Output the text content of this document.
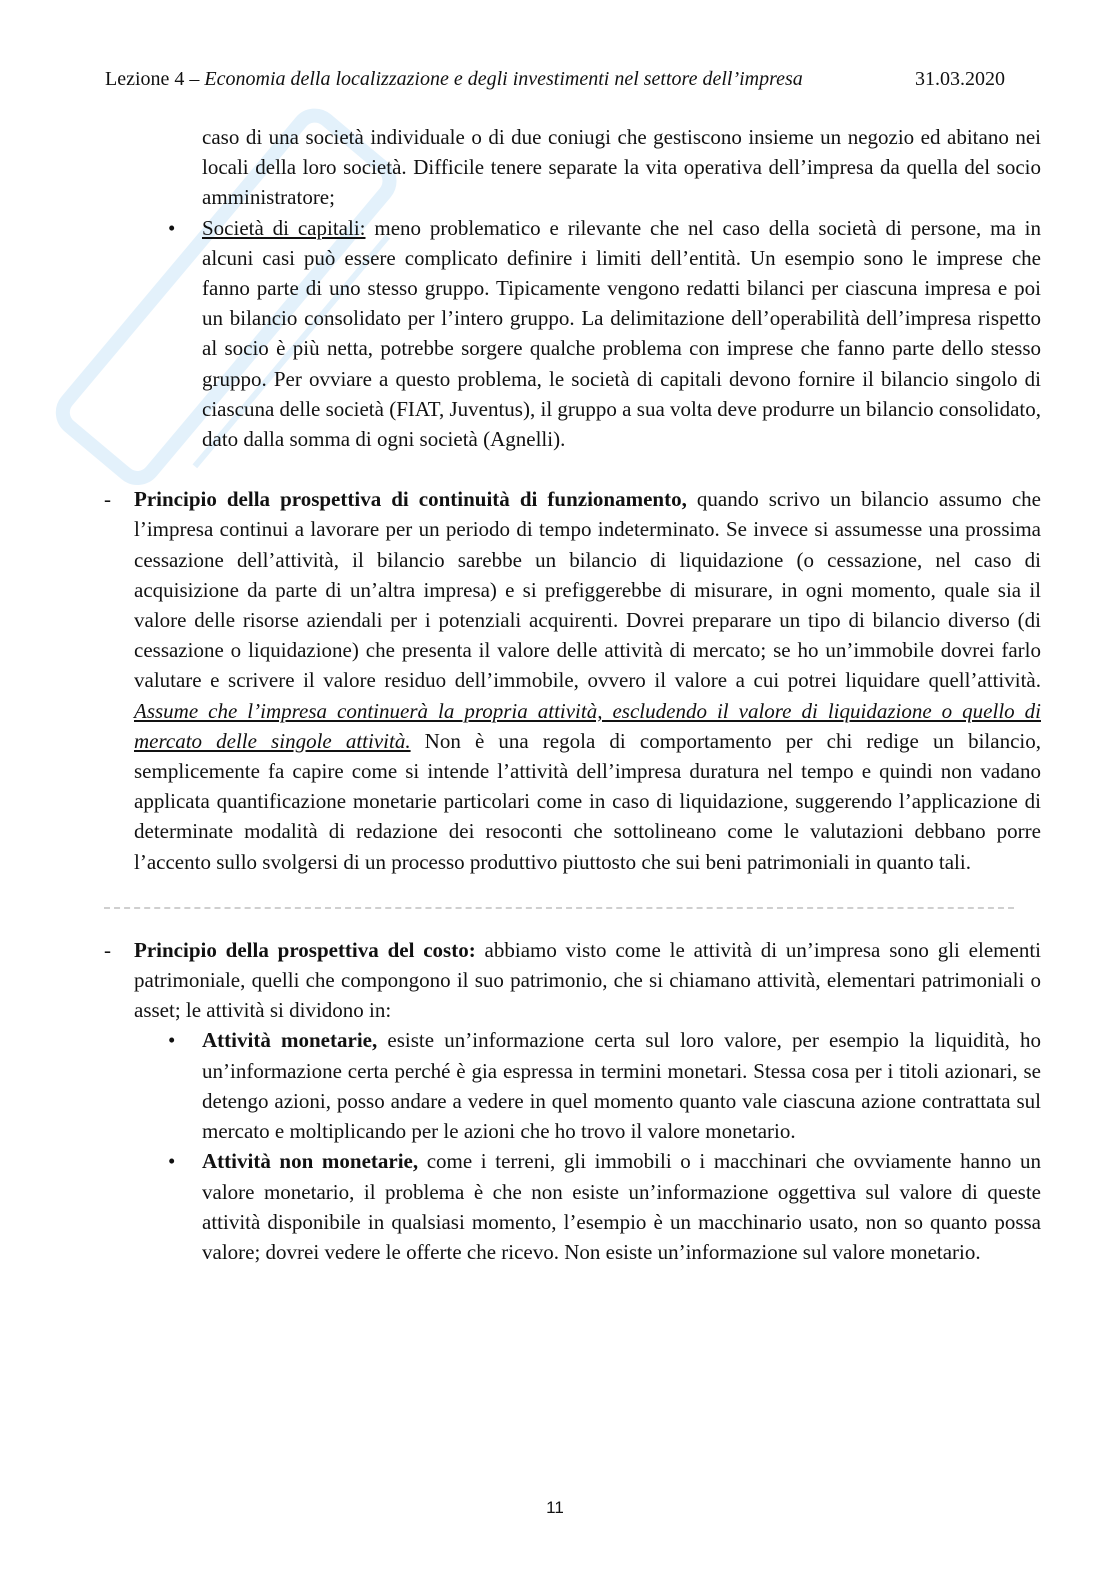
Lezione 4 – Economia della localizzazione e degli investimenti nel settore dell’impresa	31.03.2020
caso di una società individuale o di due coniugi che gestiscono insieme un negozio ed abitano nei locali della loro società. Difficile tenere separate la vita operativa dell’impresa da quella del socio amministratore;
• Società di capitali: meno problematico e rilevante che nel caso della società di persone, ma in alcuni casi può essere complicato definire i limiti dell’entità. Un esempio sono le imprese che fanno parte di uno stesso gruppo. Tipicamente vengono redatti bilanci per ciascuna impresa e poi un bilancio consolidato per l’intero gruppo. La delimitazione dell’operabilità dell’impresa rispetto al socio è più netta, potrebbe sorgere qualche problema con imprese che fanno parte dello stesso gruppo. Per ovviare a questo problema, le società di capitali devono fornire il bilancio singolo di ciascuna delle società (FIAT, Juventus), il gruppo a sua volta deve produrre un bilancio consolidato, dato dalla somma di ogni società (Agnelli).
- Principio della prospettiva di continuità di funzionamento, quando scrivo un bilancio assumo che l’impresa continui a lavorare per un periodo di tempo indeterminato. Se invece si assumesse una prossima cessazione dell’attività, il bilancio sarebbe un bilancio di liquidazione (o cessazione, nel caso di acquisizione da parte di un’altra impresa) e si prefiggerebbe di misurare, in ogni momento, quale sia il valore delle risorse aziendali per i potenziali acquirenti. Dovrei preparare un tipo di bilancio diverso (di cessazione o liquidazione) che presenta il valore delle attività di mercato; se ho un’immobile dovrei farlo valutare e scrivere il valore residuo dell’immobile, ovvero il valore a cui potrei liquidare quell’attività. Assume che l’impresa continuerà la propria attività, escludendo il valore di liquidazione o quello di mercato delle singole attività. Non è una regola di comportamento per chi redige un bilancio, semplicemente fa capire come si intende l’attività dell’impresa duratura nel tempo e quindi non vadano applicata quantificazione monetarie particolari come in caso di liquidazione, suggerendo l’applicazione di determinate modalità di redazione dei resoconti che sottolineano come le valutazioni debbano porre l’accento sullo svolgersi di un processo produttivo piuttosto che sui beni patrimoniali in quanto tali.
- Principio della prospettiva del costo: abbiamo visto come le attività di un’impresa sono gli elementi patrimoniale, quelli che compongono il suo patrimonio, che si chiamano attività, elementari patrimoniali o asset; le attività si dividono in:
• Attività monetarie, esiste un’informazione certa sul loro valore, per esempio la liquidità, ho un’informazione certa perché è gia espressa in termini monetari. Stessa cosa per i titoli azionari, se detengo azioni, posso andare a vedere in quel momento quanto vale ciascuna azione contrattata sul mercato e moltiplicando per le azioni che ho trovo il valore monetario.
• Attività non monetarie, come i terreni, gli immobili o i macchinari che ovviamente hanno un valore monetario, il problema è che non esiste un’informazione oggettiva sul valore di queste attività disponibile in qualsiasi momento, l’esempio è un macchinario usato, non so quanto possa valore; dovrei vedere le offerte che ricevo. Non esiste un’informazione sul valore monetario.
11
